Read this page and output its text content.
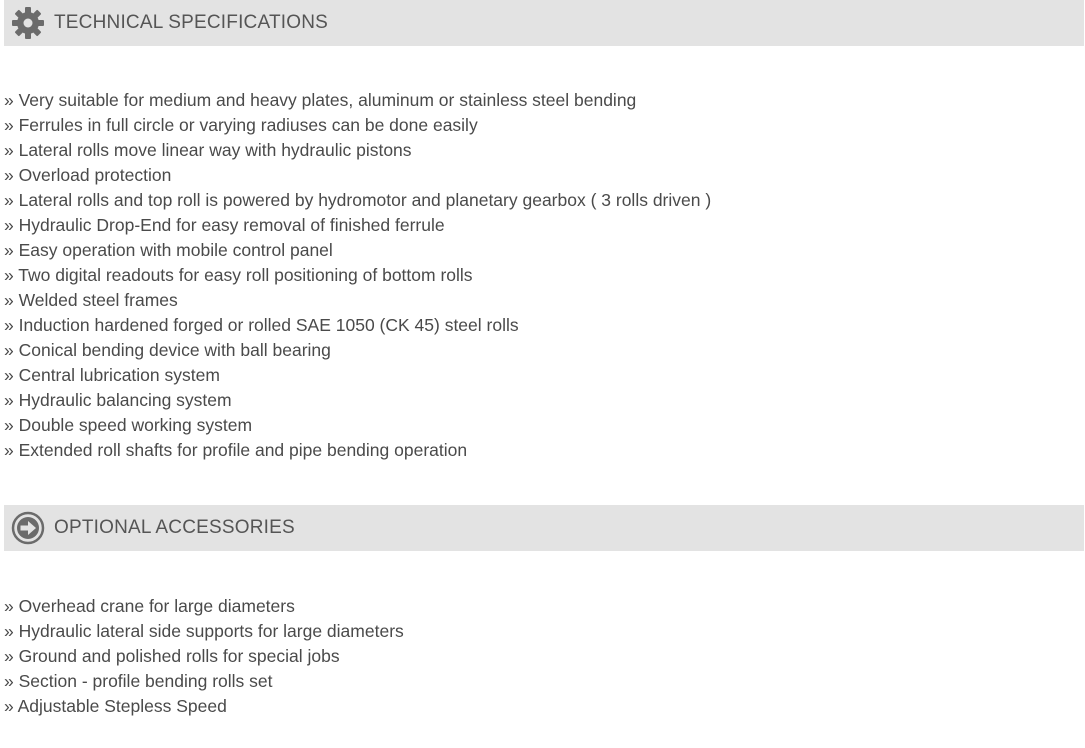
TECHNICAL SPECIFICATIONS
» Very suitable for medium and heavy plates, aluminum or stainless steel bending
» Ferrules in full circle or varying radiuses can be done easily
» Lateral rolls move linear way with hydraulic pistons
» Overload protection
» Lateral rolls and top roll is powered by hydromotor and planetary gearbox ( 3 rolls driven )
» Hydraulic Drop-End for easy removal of finished ferrule
» Easy operation with mobile control panel
» Two digital readouts for easy roll positioning of bottom rolls
» Welded steel frames
» Induction hardened forged or rolled SAE 1050 (CK 45) steel rolls
» Conical bending device with ball bearing
» Central lubrication system
» Hydraulic balancing system
» Double speed working system
» Extended roll shafts for profile and pipe bending operation
OPTIONAL ACCESSORIES
» Overhead crane for large diameters
» Hydraulic lateral side supports for large diameters
» Ground and polished rolls for special jobs
» Section - profile bending rolls set
» Adjustable Stepless Speed
